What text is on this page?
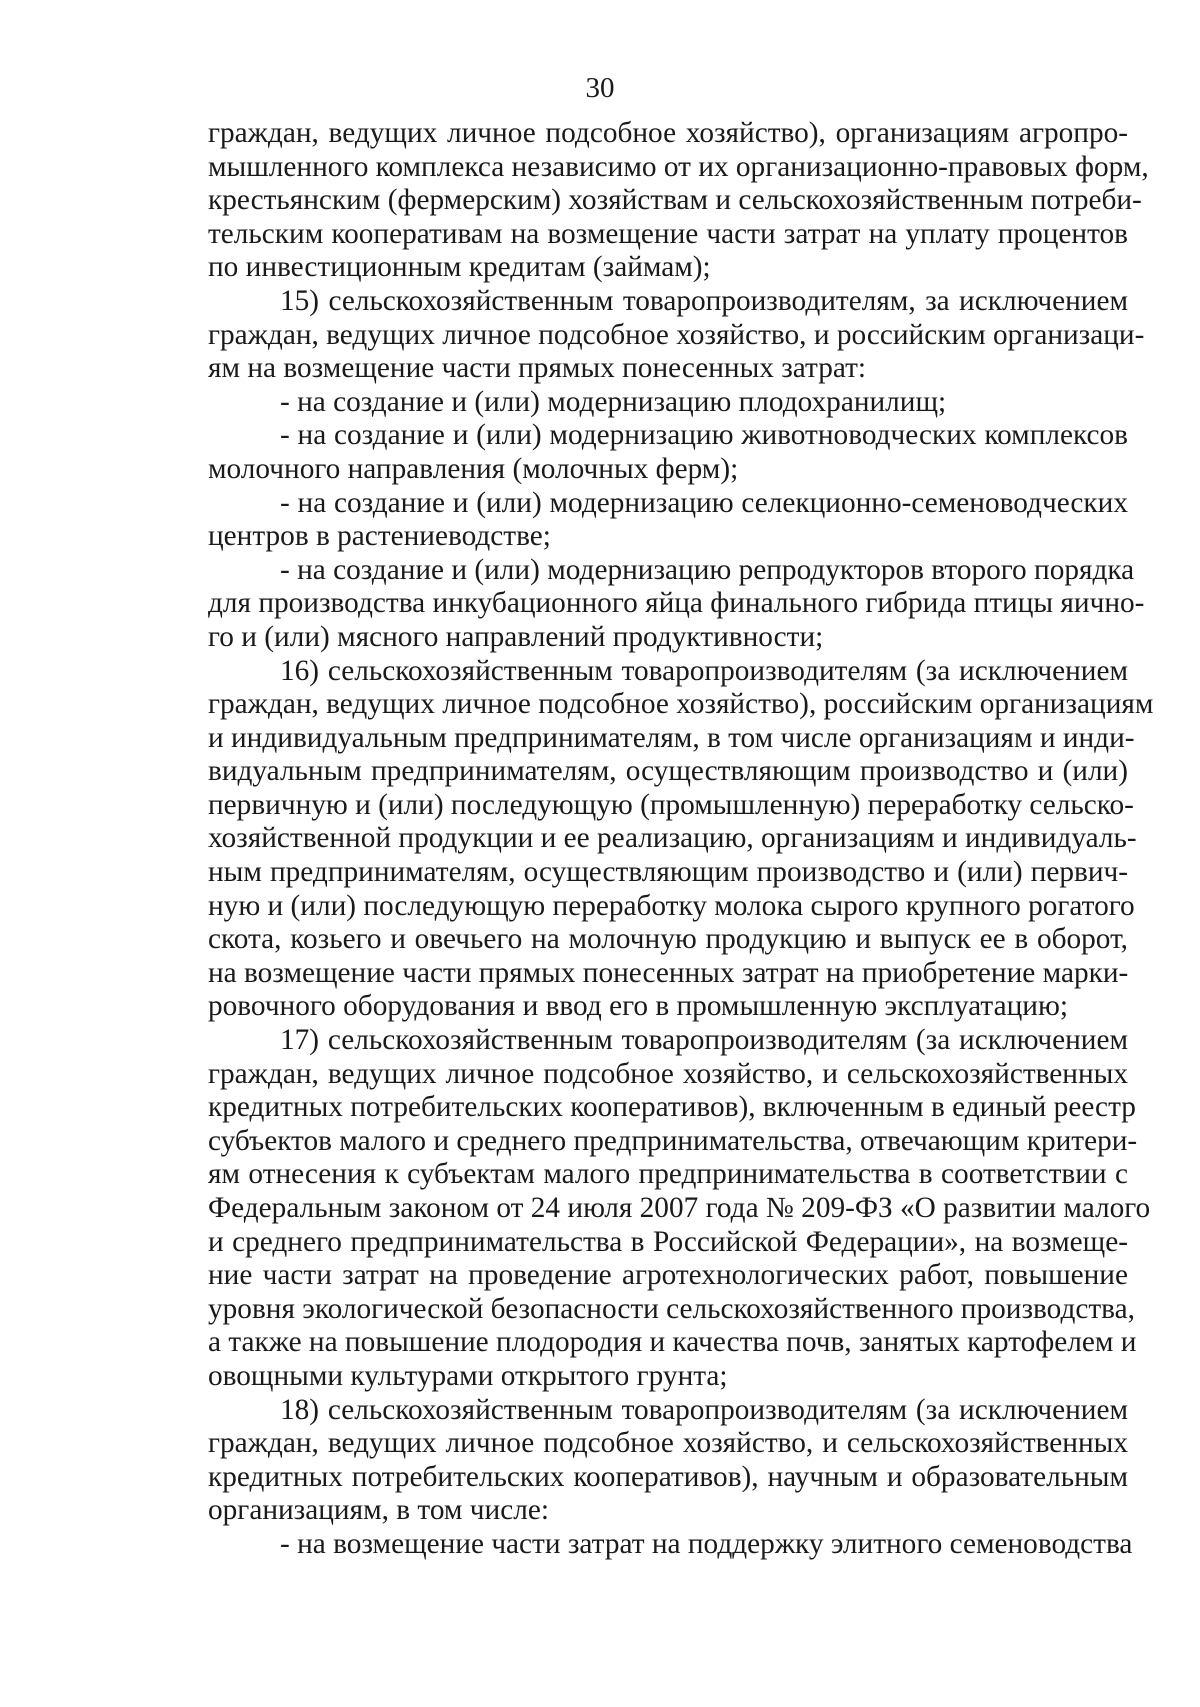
30
граждан, ведущих личное подсобное хозяйство), организациям агропро-
мышленного комплекса независимо от их организационно-правовых форм,
крестьянским (фермерским) хозяйствам и сельскохозяйственным потреби-
тельским кооперативам на возмещение части затрат на уплату процентов
по инвестиционным кредитам (займам);
15) сельскохозяйственным товаропроизводителям, за исключением
граждан, ведущих личное подсобное хозяйство, и российским организаци-
ям на возмещение части прямых понесенных затрат:
- на создание и (или) модернизацию плодохранилищ;
- на создание и (или) модернизацию животноводческих комплексов
молочного направления (молочных ферм);
- на создание и (или) модернизацию селекционно-семеноводческих
центров в растениеводстве;
- на создание и (или) модернизацию репродукторов второго порядка
для производства инкубационного яйца финального гибрида птицы яично-
го и (или) мясного направлений продуктивности;
16) сельскохозяйственным товаропроизводителям (за исключением
граждан, ведущих личное подсобное хозяйство), российским организациям
и индивидуальным предпринимателям, в том числе организациям и инди-
видуальным предпринимателям, осуществляющим производство и (или)
первичную и (или) последующую (промышленную) переработку сельско-
хозяйственной продукции и ее реализацию, организациям и индивидуаль-
ным предпринимателям, осуществляющим производство и (или) первич-
ную и (или) последующую переработку молока сырого крупного рогатого
скота, козьего и овечьего на молочную продукцию и выпуск ее в оборот,
на возмещение части прямых понесенных затрат на приобретение марки-
ровочного оборудования и ввод его в промышленную эксплуатацию;
17) сельскохозяйственным товаропроизводителям (за исключением
граждан, ведущих личное подсобное хозяйство, и сельскохозяйственных
кредитных потребительских кооперативов), включенным в единый реестр
субъектов малого и среднего предпринимательства, отвечающим критери-
ям отнесения к субъектам малого предпринимательства в соответствии с
Федеральным законом от 24 июля 2007 года № 209-ФЗ «О развитии малого
и среднего предпринимательства в Российской Федерации», на возмеще-
ние части затрат на проведение агротехнологических работ, повышение
уровня экологической безопасности сельскохозяйственного производства,
а также на повышение плодородия и качества почв, занятых картофелем и
овощными культурами открытого грунта;
18) сельскохозяйственным товаропроизводителям (за исключением
граждан, ведущих личное подсобное хозяйство, и сельскохозяйственных
кредитных потребительских кооперативов), научным и образовательным
организациям, в том числе:
- на возмещение части затрат на поддержку элитного семеноводства
